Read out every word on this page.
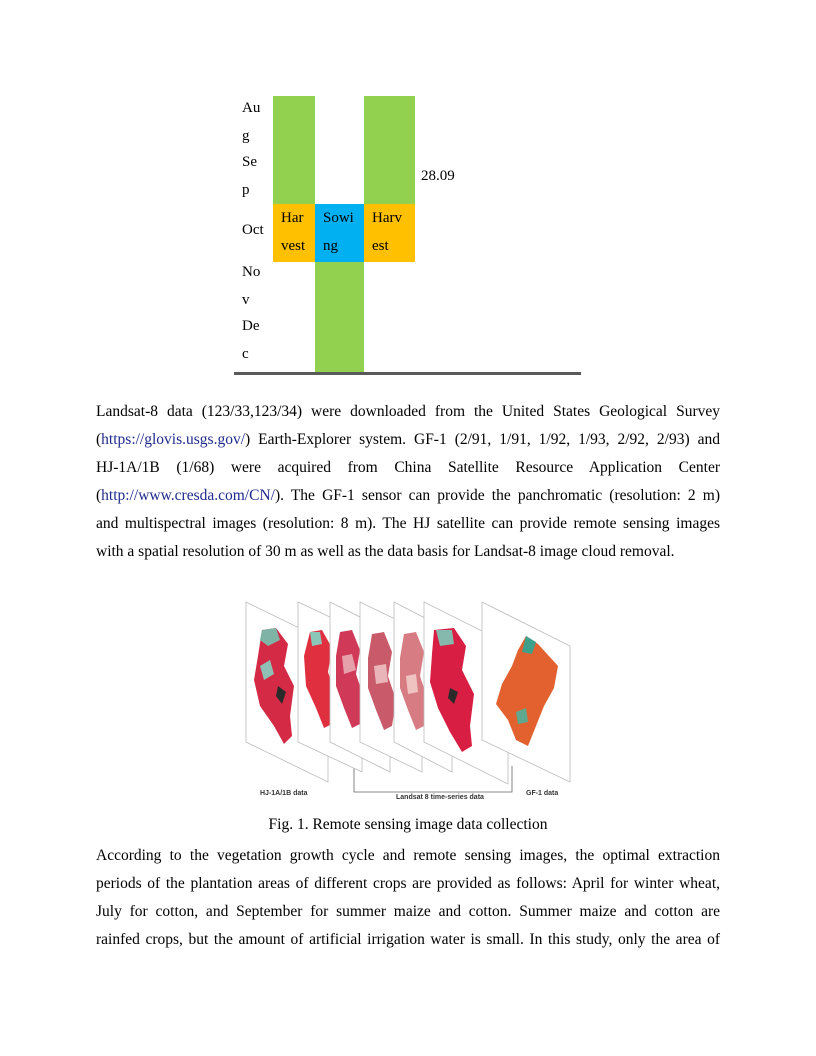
Au
g
Se
p
Oct
No
v
De
c
Har
vest
Sowi
ng
Harv
est
28.09
Landsat-8 data (123/33,123/34) were downloaded from the United States Geological Survey
(https://glovis.usgs.gov/) Earth-Explorer system. GF-1 (2/91, 1/91, 1/92, 1/93, 2/92, 2/93) and
HJ-1A/1B (1/68) were acquired from China Satellite Resource Application Center
(http://www.cresda.com/CN/). The GF-1 sensor can provide the panchromatic (resolution: 2 m)
and multispectral images (resolution: 8 m). The HJ satellite can provide remote sensing images
with a spatial resolution of 30 m as well as the data basis for Landsat-8 image cloud removal.
HJ-1A/1B data
Landsat 8 time-series data
GF-1 data
Fig. 1. Remote sensing image data collection
According to the vegetation growth cycle and remote sensing images, the optimal extraction
periods of the plantation areas of different crops are provided as follows: April for winter wheat,
July for cotton, and September for summer maize and cotton. Summer maize and cotton are
rainfed crops, but the amount of artificial irrigation water is small. In this study, only the area of
